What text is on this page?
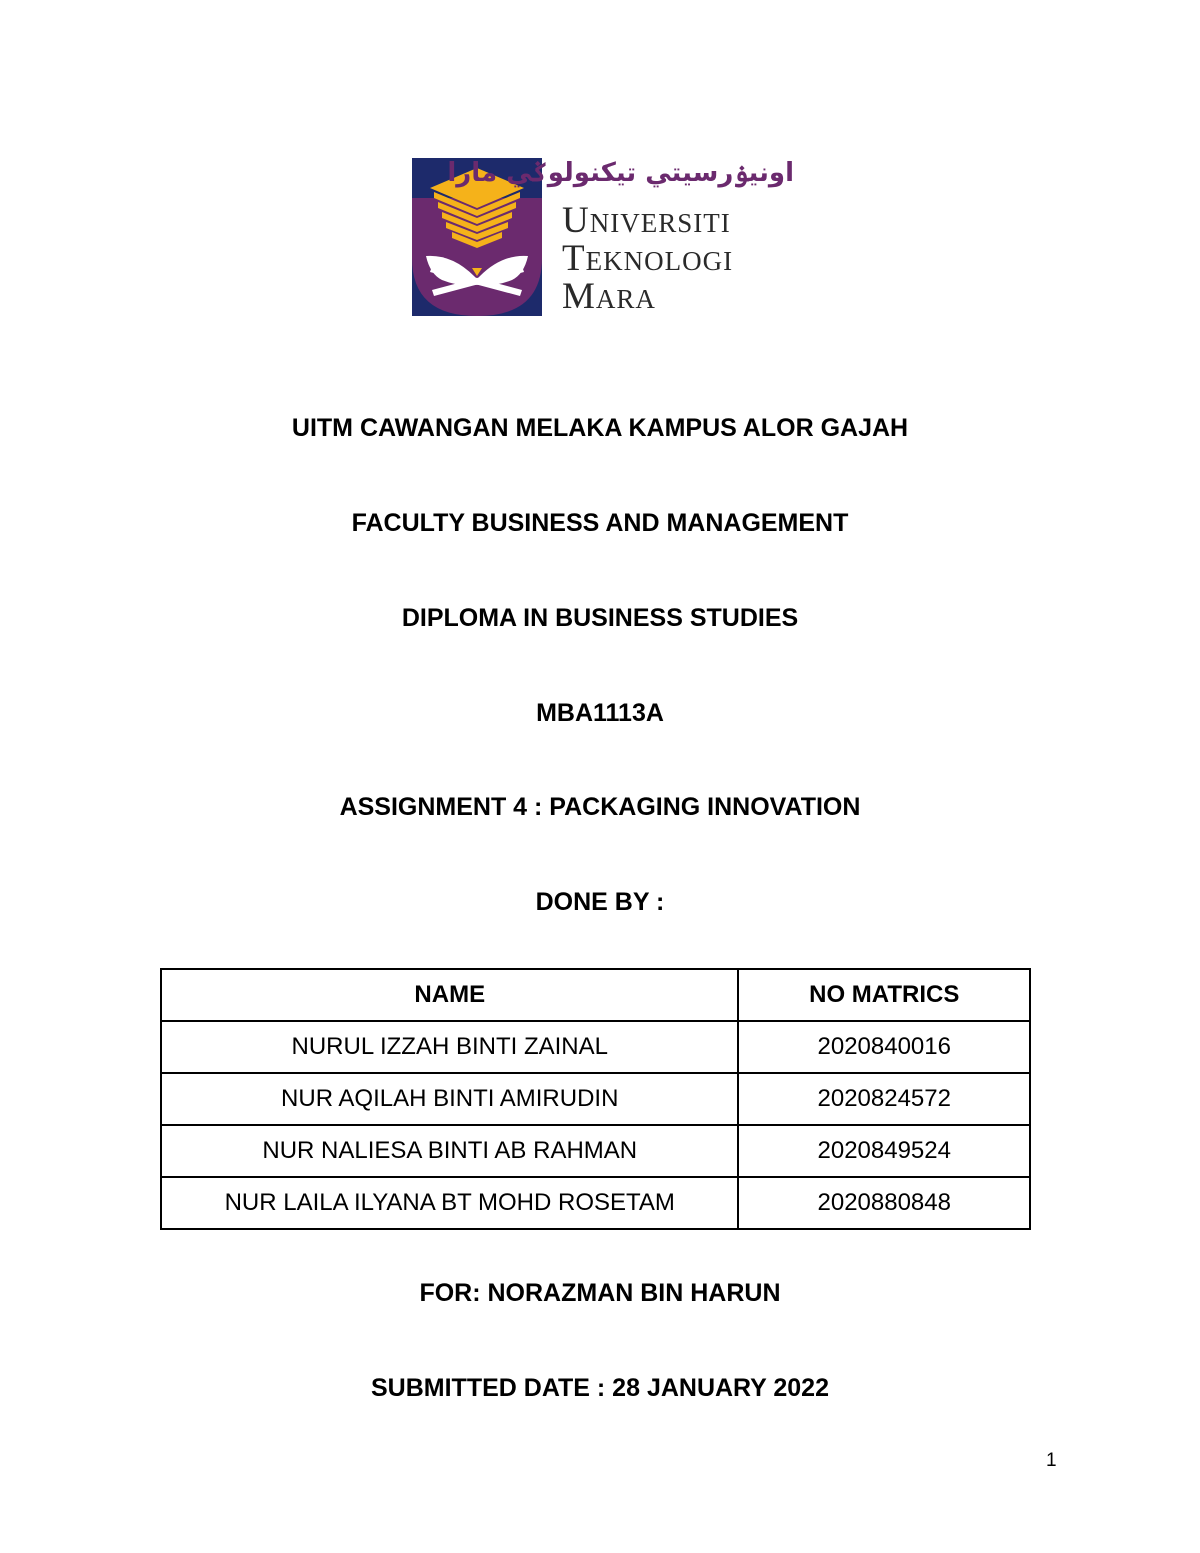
اونيۏرسيتي تيكنولوݢي مارا
UNIVERSITI
TEKNOLOGI
MARA
UITM CAWANGAN MELAKA KAMPUS ALOR GAJAH
FACULTY BUSINESS AND MANAGEMENT
DIPLOMA IN BUSINESS STUDIES
MBA1113A
ASSIGNMENT 4 : PACKAGING INNOVATION
DONE BY :
NAME	NO MATRICS
NURUL IZZAH BINTI ZAINAL	2020840016
NUR AQILAH BINTI AMIRUDIN	2020824572
NUR NALIESA BINTI AB RAHMAN	2020849524
NUR LAILA ILYANA BT MOHD ROSETAM	2020880848
FOR: NORAZMAN BIN HARUN
SUBMITTED DATE : 28 JANUARY 2022
1
